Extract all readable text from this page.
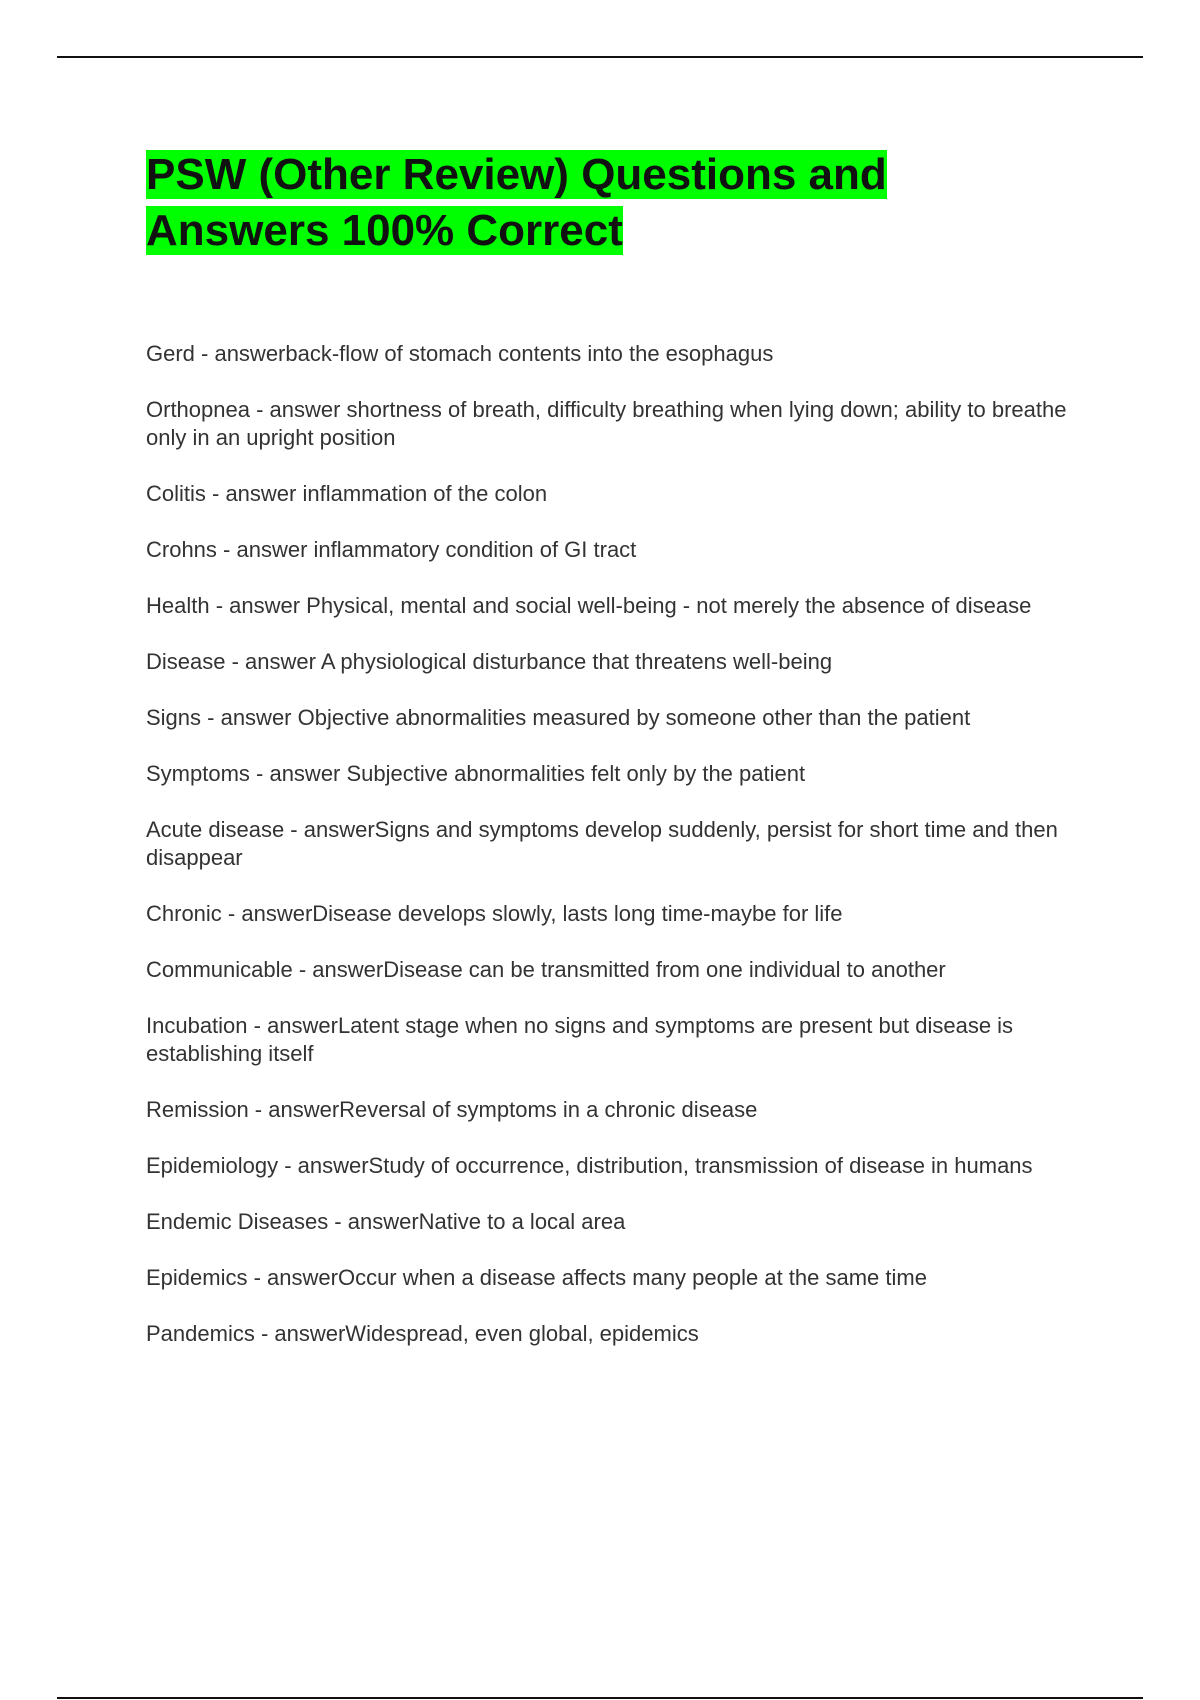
PSW (Other Review) Questions and
Answers 100% Correct
Gerd - answerback-flow of stomach contents into the esophagus
Orthopnea - answer shortness of breath, difficulty breathing when lying down; ability to breathe only in an upright position
Colitis - answer inflammation of the colon
Crohns - answer inflammatory condition of GI tract
Health - answer Physical, mental and social well-being - not merely the absence of disease
Disease - answer A physiological disturbance that threatens well-being
Signs - answer Objective abnormalities measured by someone other than the patient
Symptoms - answer Subjective abnormalities felt only by the patient
Acute disease - answerSigns and symptoms develop suddenly, persist for short time and then disappear
Chronic - answerDisease develops slowly, lasts long time-maybe for life
Communicable - answerDisease can be transmitted from one individual to another
Incubation - answerLatent stage when no signs and symptoms are present but disease is establishing itself
Remission - answerReversal of symptoms in a chronic disease
Epidemiology - answerStudy of occurrence, distribution, transmission of disease in humans
Endemic Diseases - answerNative to a local area
Epidemics - answerOccur when a disease affects many people at the same time
Pandemics - answerWidespread, even global, epidemics
